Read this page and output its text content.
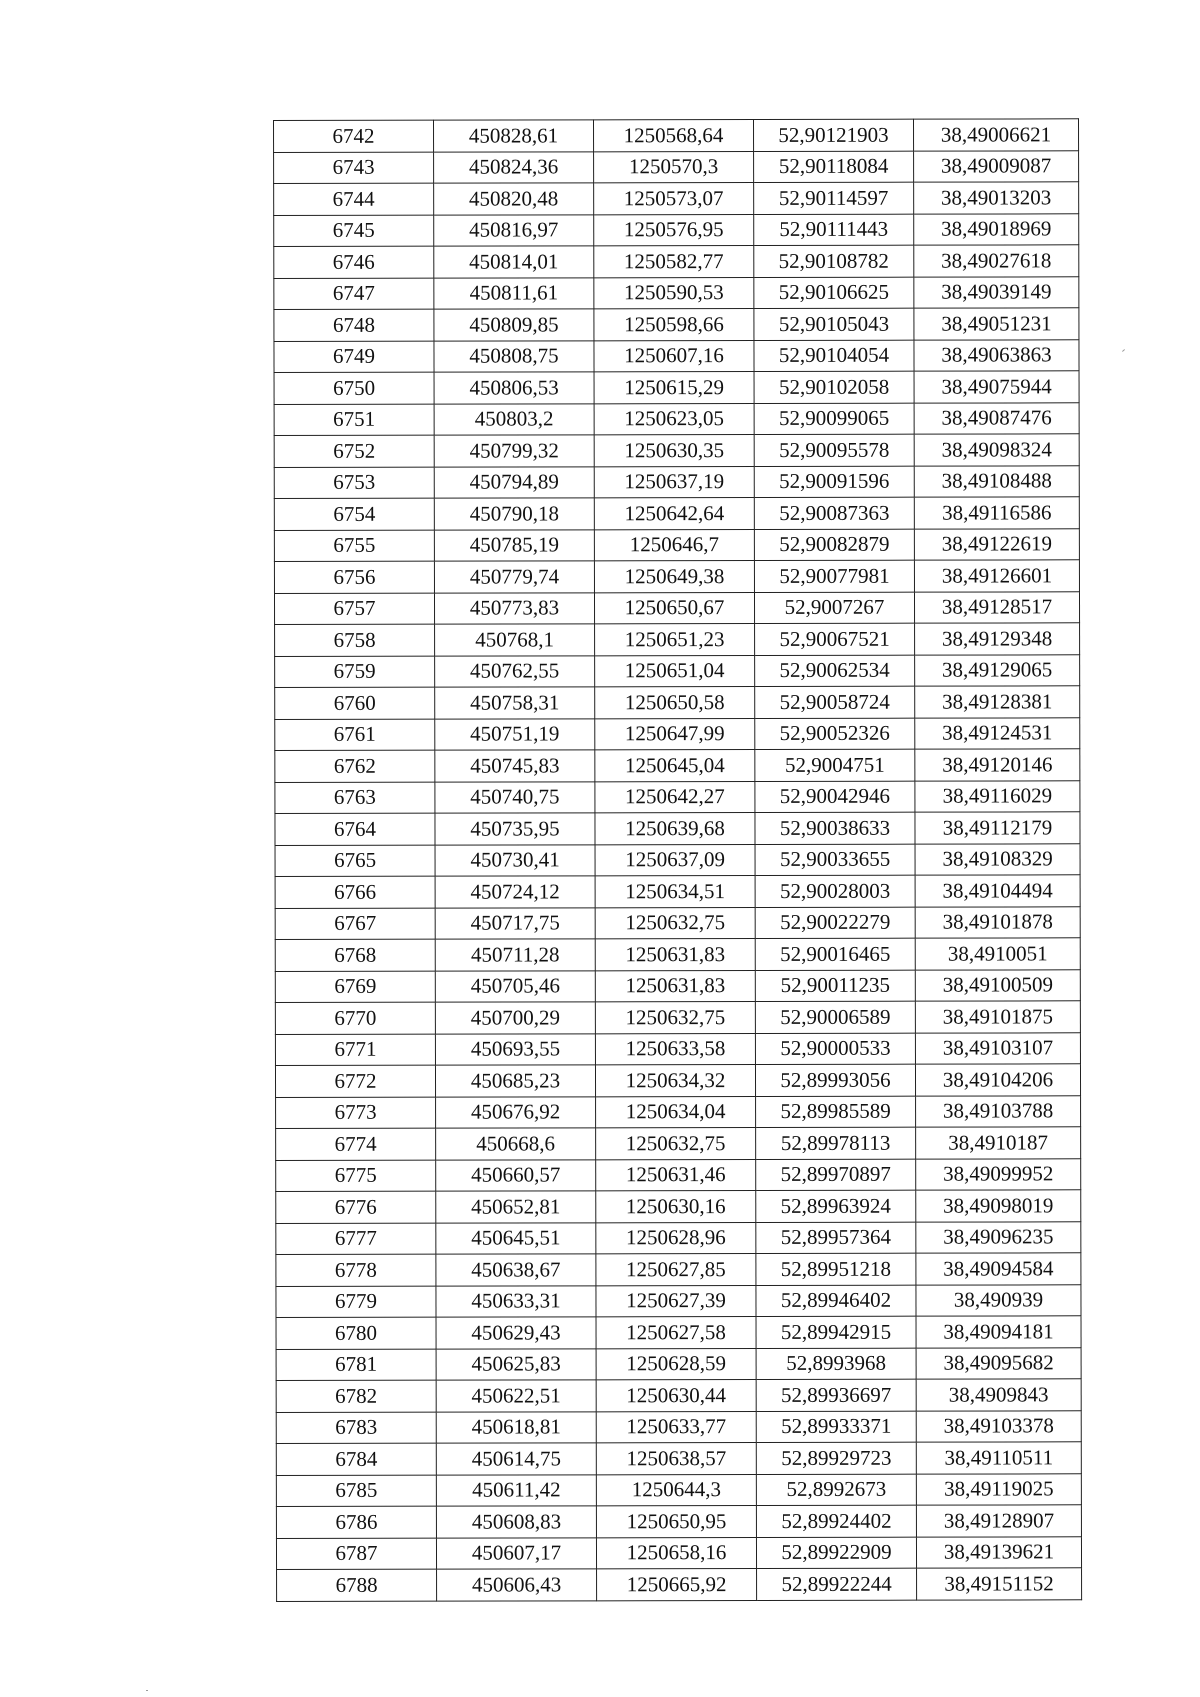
6742	450828,61	1250568,64	52,90121903	38,49006621
6743	450824,36	1250570,3	52,90118084	38,49009087
6744	450820,48	1250573,07	52,90114597	38,49013203
6745	450816,97	1250576,95	52,90111443	38,49018969
6746	450814,01	1250582,77	52,90108782	38,49027618
6747	450811,61	1250590,53	52,90106625	38,49039149
6748	450809,85	1250598,66	52,90105043	38,49051231
6749	450808,75	1250607,16	52,90104054	38,49063863
6750	450806,53	1250615,29	52,90102058	38,49075944
6751	450803,2	1250623,05	52,90099065	38,49087476
6752	450799,32	1250630,35	52,90095578	38,49098324
6753	450794,89	1250637,19	52,90091596	38,49108488
6754	450790,18	1250642,64	52,90087363	38,49116586
6755	450785,19	1250646,7	52,90082879	38,49122619
6756	450779,74	1250649,38	52,90077981	38,49126601
6757	450773,83	1250650,67	52,9007267	38,49128517
6758	450768,1	1250651,23	52,90067521	38,49129348
6759	450762,55	1250651,04	52,90062534	38,49129065
6760	450758,31	1250650,58	52,90058724	38,49128381
6761	450751,19	1250647,99	52,90052326	38,49124531
6762	450745,83	1250645,04	52,9004751	38,49120146
6763	450740,75	1250642,27	52,90042946	38,49116029
6764	450735,95	1250639,68	52,90038633	38,49112179
6765	450730,41	1250637,09	52,90033655	38,49108329
6766	450724,12	1250634,51	52,90028003	38,49104494
6767	450717,75	1250632,75	52,90022279	38,49101878
6768	450711,28	1250631,83	52,90016465	38,4910051
6769	450705,46	1250631,83	52,90011235	38,49100509
6770	450700,29	1250632,75	52,90006589	38,49101875
6771	450693,55	1250633,58	52,90000533	38,49103107
6772	450685,23	1250634,32	52,89993056	38,49104206
6773	450676,92	1250634,04	52,89985589	38,49103788
6774	450668,6	1250632,75	52,89978113	38,4910187
6775	450660,57	1250631,46	52,89970897	38,49099952
6776	450652,81	1250630,16	52,89963924	38,49098019
6777	450645,51	1250628,96	52,89957364	38,49096235
6778	450638,67	1250627,85	52,89951218	38,49094584
6779	450633,31	1250627,39	52,89946402	38,490939
6780	450629,43	1250627,58	52,89942915	38,49094181
6781	450625,83	1250628,59	52,8993968	38,49095682
6782	450622,51	1250630,44	52,89936697	38,4909843
6783	450618,81	1250633,77	52,89933371	38,49103378
6784	450614,75	1250638,57	52,89929723	38,49110511
6785	450611,42	1250644,3	52,8992673	38,49119025
6786	450608,83	1250650,95	52,89924402	38,49128907
6787	450607,17	1250658,16	52,89922909	38,49139621
6788	450606,43	1250665,92	52,89922244	38,49151152
